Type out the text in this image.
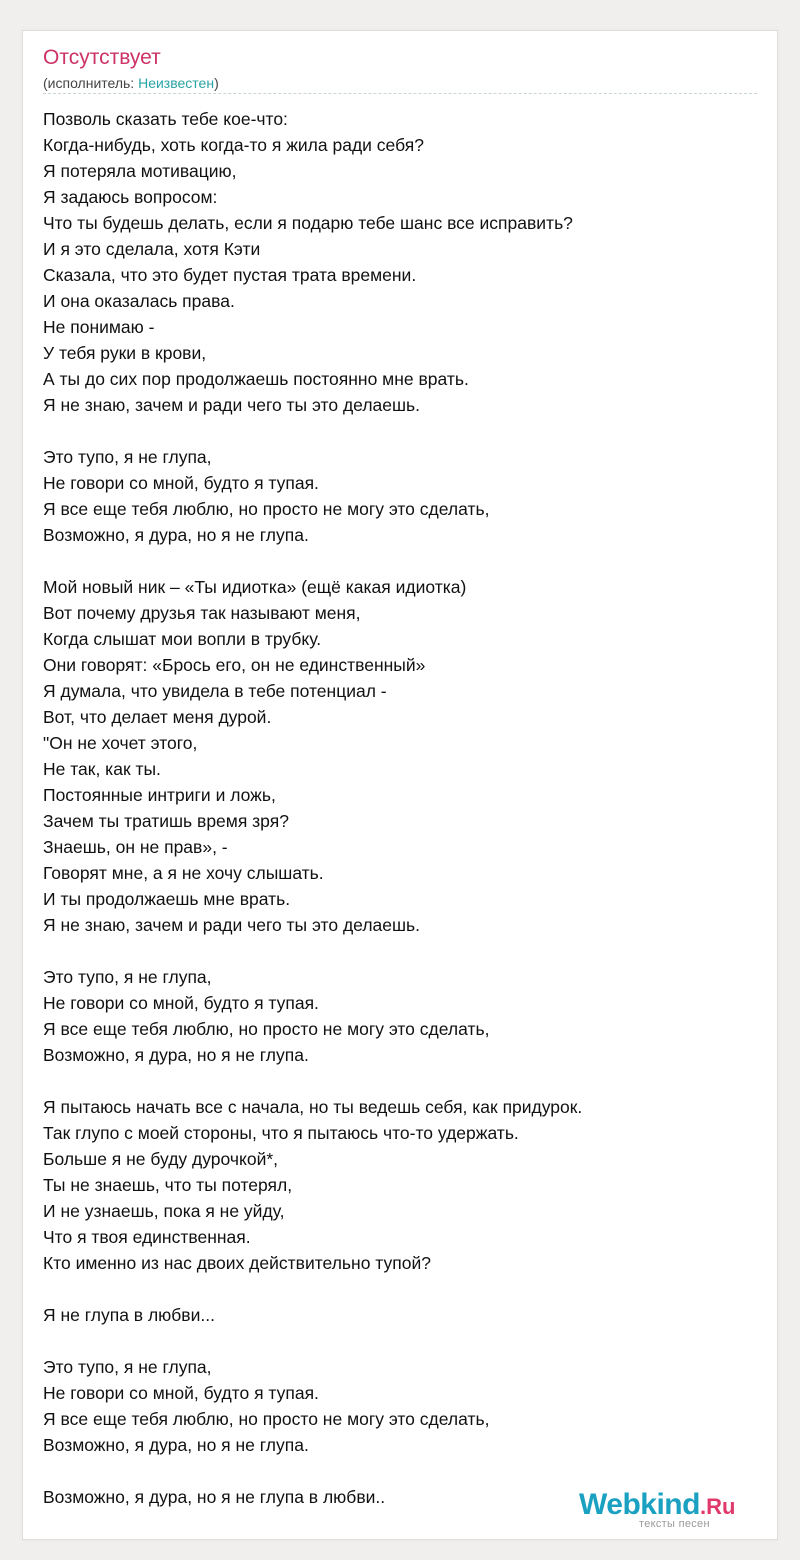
Отсутствует
(исполнитель: Неизвестен)
Позволь сказать тебе кое-что:
Когда-нибудь, хоть когда-то я жила ради себя?
Я потеряла мотивацию,
Я задаюсь вопросом:
Что ты будешь делать, если я подарю тебе шанс все исправить?
И я это сделала, хотя Кэти
Сказала, что это будет пустая трата времени.
И она оказалась права.
Не понимаю -
У тебя руки в крови,
А ты до сих пор продолжаешь постоянно мне врать.
Я не знаю, зачем и ради чего ты это делаешь.
Это тупо, я не глупа,
Не говори со мной, будто я тупая.
Я все еще тебя люблю, но просто не могу это сделать,
Возможно, я дура, но я не глупа.
Мой новый ник – «Ты идиотка» (ещё какая идиотка)
Вот почему друзья так называют меня,
Когда слышат мои вопли в трубку.
Они говорят: «Брось его, он не единственный»
Я думала, что увидела в тебе потенциал -
Вот, что делает меня дурой.
"Он не хочет этого,
Не так, как ты.
Постоянные интриги и ложь,
Зачем ты тратишь время зря?
Знаешь, он не прав», -
Говорят мне, а я не хочу слышать.
И ты продолжаешь мне врать.
Я не знаю, зачем и ради чего ты это делаешь.
Это тупо, я не глупа,
Не говори со мной, будто я тупая.
Я все еще тебя люблю, но просто не могу это сделать,
Возможно, я дура, но я не глупа.
Я пытаюсь начать все с начала, но ты ведешь себя, как придурок.
Так глупо с моей стороны, что я пытаюсь что-то удержать.
Больше я не буду дурочкой*,
Ты не знаешь, что ты потерял,
И не узнаешь, пока я не уйду,
Что я твоя единственная.
Кто именно из нас двоих действительно тупой?
Я не глупа в любви...
Это тупо, я не глупа,
Не говори со мной, будто я тупая.
Я все еще тебя люблю, но просто не могу это сделать,
Возможно, я дура, но я не глупа.
Возможно, я дура, но я не глупа в любви..	Webkind.Ru
тексты песен
